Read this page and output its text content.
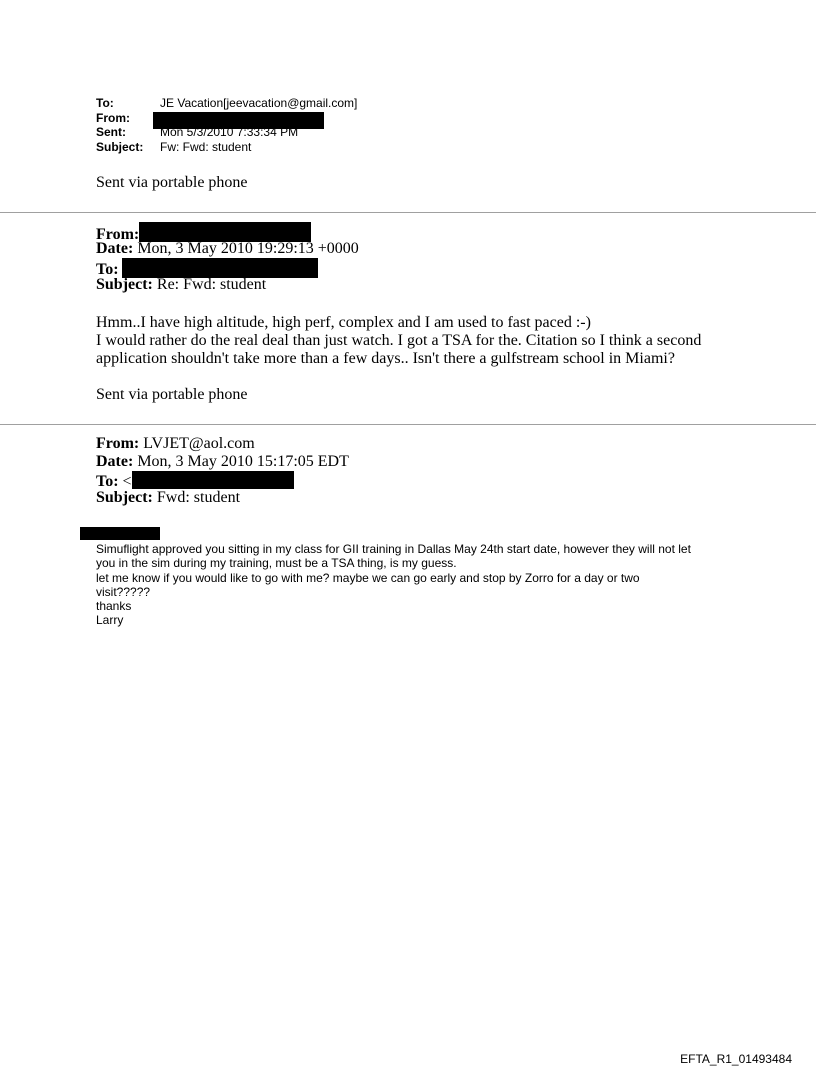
To:	JE Vacation[jeevacation@gmail.com]
From:
Sent:	Mon 5/3/2010 7:33:34 PM
Subject:	Fw: Fwd: student
Sent via portable phone
From:
Date: Mon, 3 May 2010 19:29:13 +0000
To:
Subject: Re: Fwd: student
Hmm..I have high altitude, high perf, complex and I am used to fast paced :-)
I would rather do the real deal than just watch. I got a TSA for the. Citation so I think a second
application shouldn't take more than a few days.. Isn't there a gulfstream school in Miami?
Sent via portable phone
From: LVJET@aol.com
Date: Mon, 3 May 2010 15:17:05 EDT
To: <
Subject: Fwd: student
Simuflight approved you sitting in my class for GII training in Dallas May 24th start date, however they will not let
you in the sim during my training, must be a TSA thing, is my guess.
let me know if you would like to go with me? maybe we can go early and stop by Zorro for a day or two
visit?????
thanks
Larry
EFTA_R1_01493484
